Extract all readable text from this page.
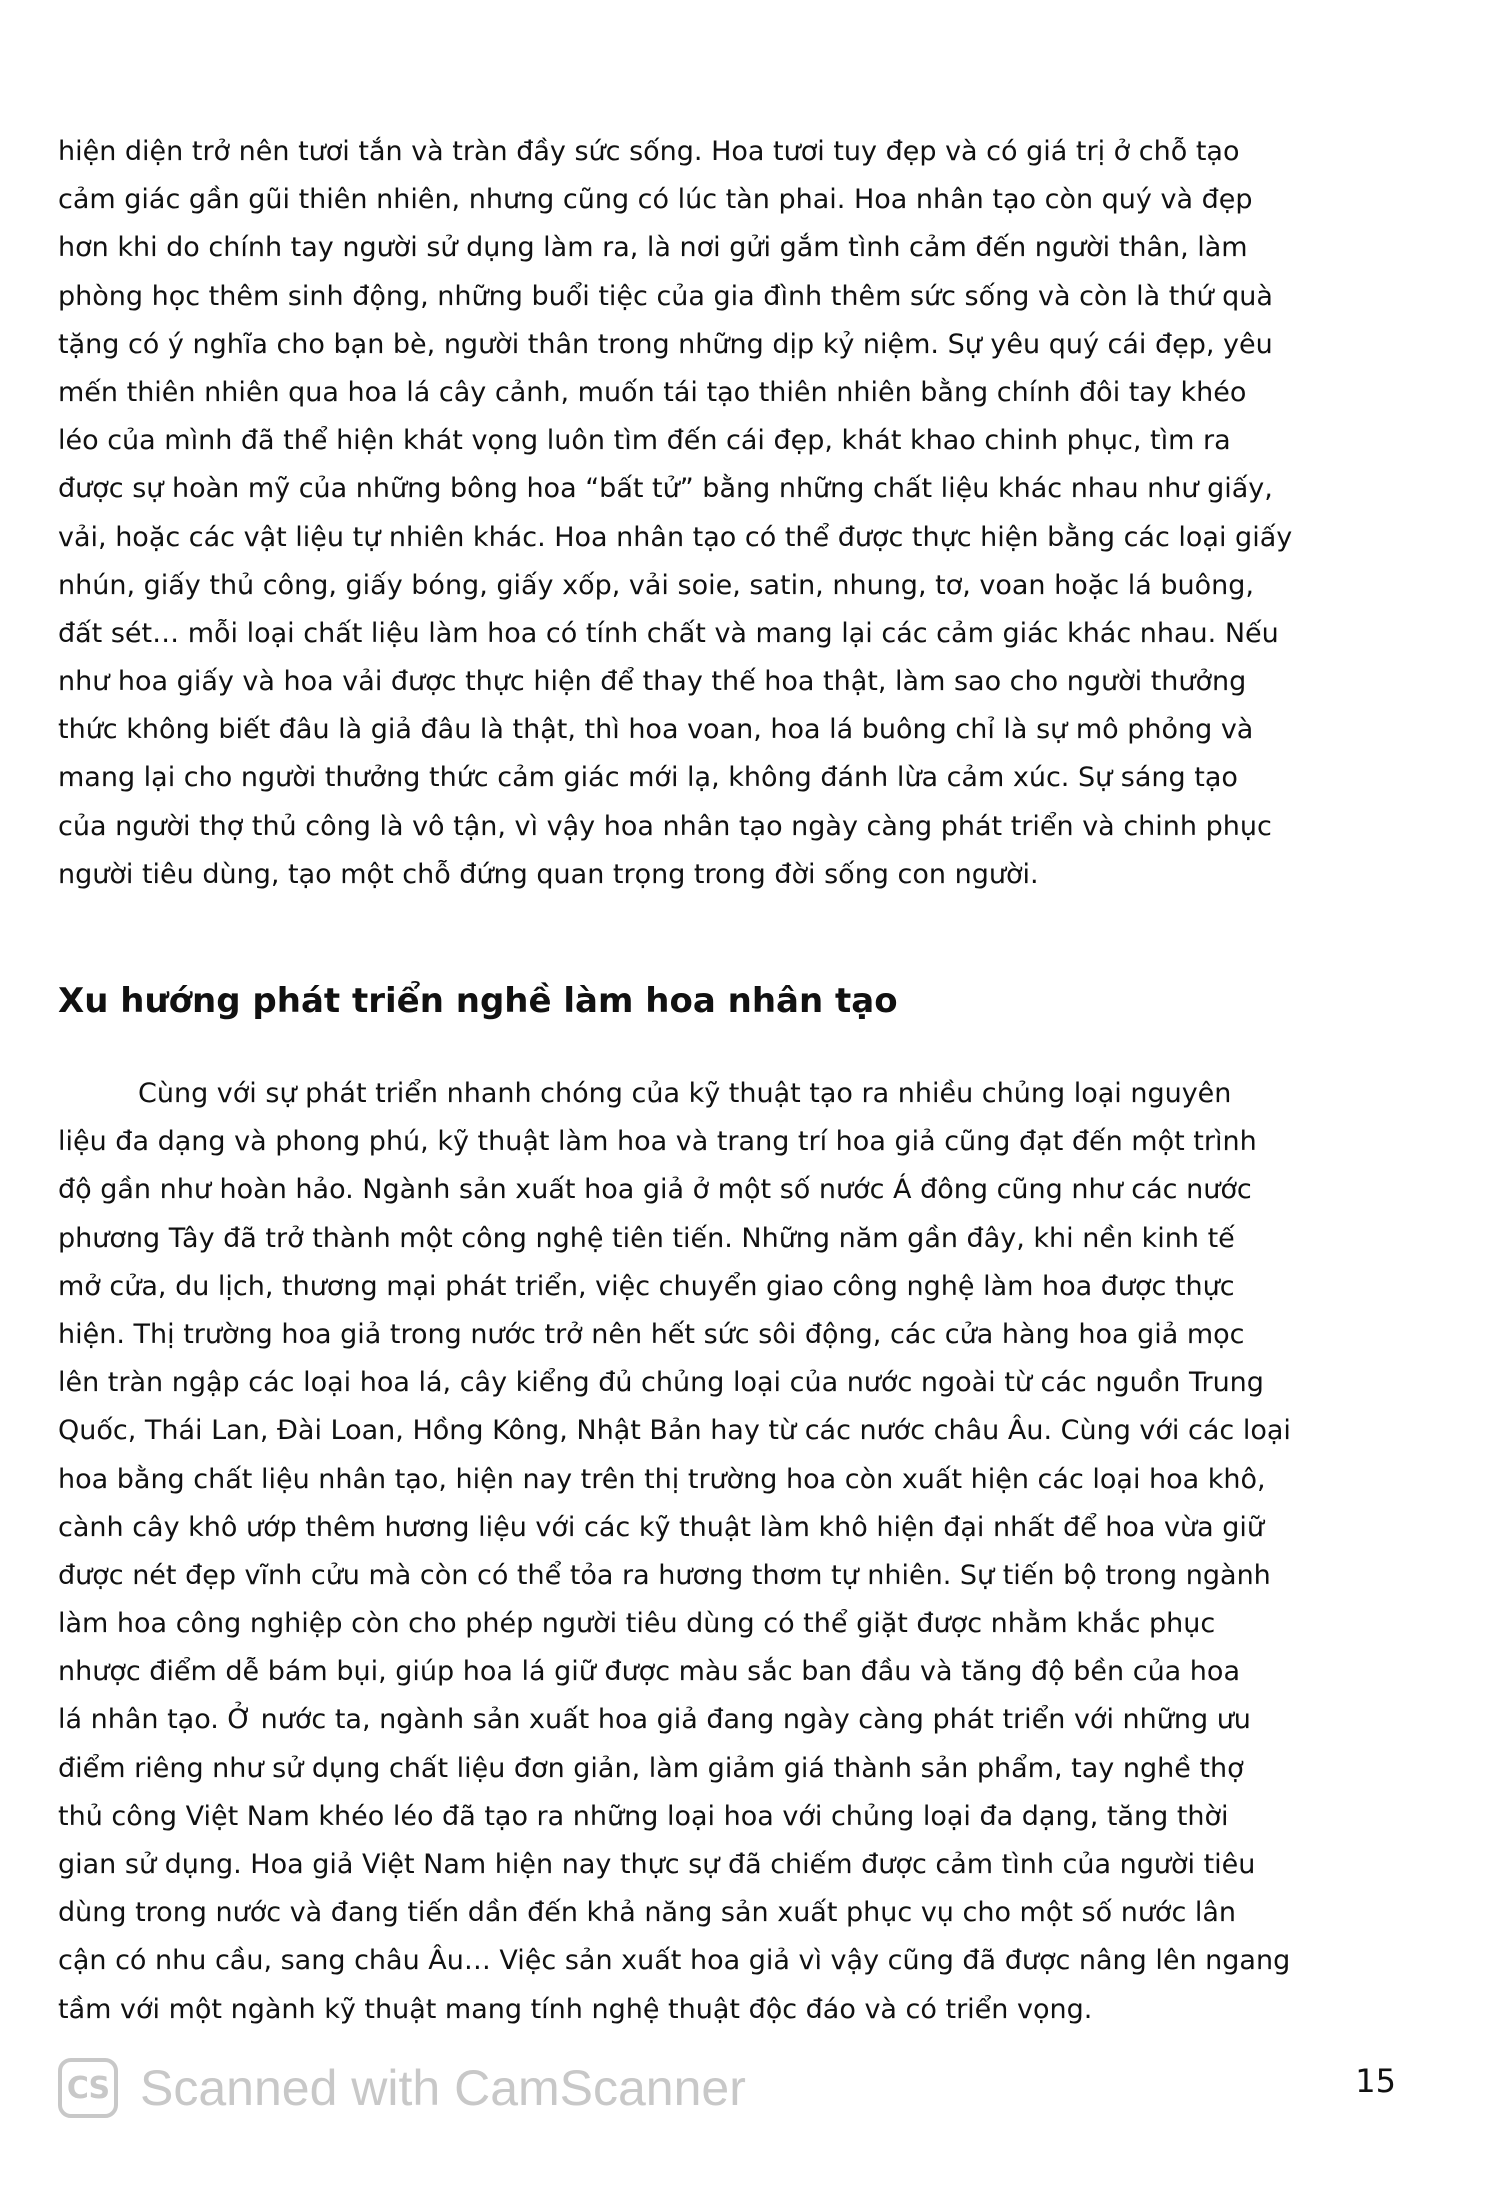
hiện diện trở nên tươi tắn và tràn đầy sức sống. Hoa tươi tuy đẹp và có giá trị ở chỗ tạo
cảm giác gần gũi thiên nhiên, nhưng cũng có lúc tàn phai. Hoa nhân tạo còn quý và đẹp
hơn khi do chính tay người sử dụng làm ra, là nơi gửi gắm tình cảm đến người thân, làm
phòng học thêm sinh động, những buổi tiệc của gia đình thêm sức sống và còn là thứ quà
tặng có ý nghĩa cho bạn bè, người thân trong những dịp kỷ niệm. Sự yêu quý cái đẹp, yêu
mến thiên nhiên qua hoa lá cây cảnh, muốn tái tạo thiên nhiên bằng chính đôi tay khéo
léo của mình đã thể hiện khát vọng luôn tìm đến cái đẹp, khát khao chinh phục, tìm ra
được sự hoàn mỹ của những bông hoa “bất tử” bằng những chất liệu khác nhau như giấy,
vải, hoặc các vật liệu tự nhiên khác. Hoa nhân tạo có thể được thực hiện bằng các loại giấy
nhún, giấy thủ công, giấy bóng, giấy xốp, vải soie, satin, nhung, tơ, voan hoặc lá buông,
đất sét… mỗi loại chất liệu làm hoa có tính chất và mang lại các cảm giác khác nhau. Nếu
như hoa giấy và hoa vải được thực hiện để thay thế hoa thật, làm sao cho người thưởng
thức không biết đâu là giả đâu là thật, thì hoa voan, hoa lá buông chỉ là sự mô phỏng và
mang lại cho người thưởng thức cảm giác mới lạ, không đánh lừa cảm xúc. Sự sáng tạo
của người thợ thủ công là vô tận, vì vậy hoa nhân tạo ngày càng phát triển và chinh phục
người tiêu dùng, tạo một chỗ đứng quan trọng trong đời sống con người.
Xu hướng phát triển nghề làm hoa nhân tạo
Cùng với sự phát triển nhanh chóng của kỹ thuật tạo ra nhiều chủng loại nguyên
liệu đa dạng và phong phú, kỹ thuật làm hoa và trang trí hoa giả cũng đạt đến một trình
độ gần như hoàn hảo. Ngành sản xuất hoa giả ở một số nước Á đông cũng như các nước
phương Tây đã trở thành một công nghệ tiên tiến. Những năm gần đây, khi nền kinh tế
mở cửa, du lịch, thương mại phát triển, việc chuyển giao công nghệ làm hoa được thực
hiện. Thị trường hoa giả trong nước trở nên hết sức sôi động, các cửa hàng hoa giả mọc
lên tràn ngập các loại hoa lá, cây kiểng đủ chủng loại của nước ngoài từ các nguồn Trung
Quốc, Thái Lan, Đài Loan, Hồng Kông, Nhật Bản hay từ các nước châu Âu. Cùng với các loại
hoa bằng chất liệu nhân tạo, hiện nay trên thị trường hoa còn xuất hiện các loại hoa khô,
cành cây khô ướp thêm hương liệu với các kỹ thuật làm khô hiện đại nhất để hoa vừa giữ
được nét đẹp vĩnh cửu mà còn có thể tỏa ra hương thơm tự nhiên. Sự tiến bộ trong ngành
làm hoa công nghiệp còn cho phép người tiêu dùng có thể giặt được nhằm khắc phục
nhược điểm dễ bám bụi, giúp hoa lá giữ được màu sắc ban đầu và tăng độ bền của hoa
lá nhân tạo. Ở nước ta, ngành sản xuất hoa giả đang ngày càng phát triển với những ưu
điểm riêng như sử dụng chất liệu đơn giản, làm giảm giá thành sản phẩm, tay nghề thợ
thủ công Việt Nam khéo léo đã tạo ra những loại hoa với chủng loại đa dạng, tăng thời
gian sử dụng. Hoa giả Việt Nam hiện nay thực sự đã chiếm được cảm tình của người tiêu
dùng trong nước và đang tiến dần đến khả năng sản xuất phục vụ cho một số nước lân
cận có nhu cầu, sang châu Âu… Việc sản xuất hoa giả vì vậy cũng đã được nâng lên ngang
tầm với một ngành kỹ thuật mang tính nghệ thuật độc đáo và có triển vọng.
CS Scanned with CamScanner	15
